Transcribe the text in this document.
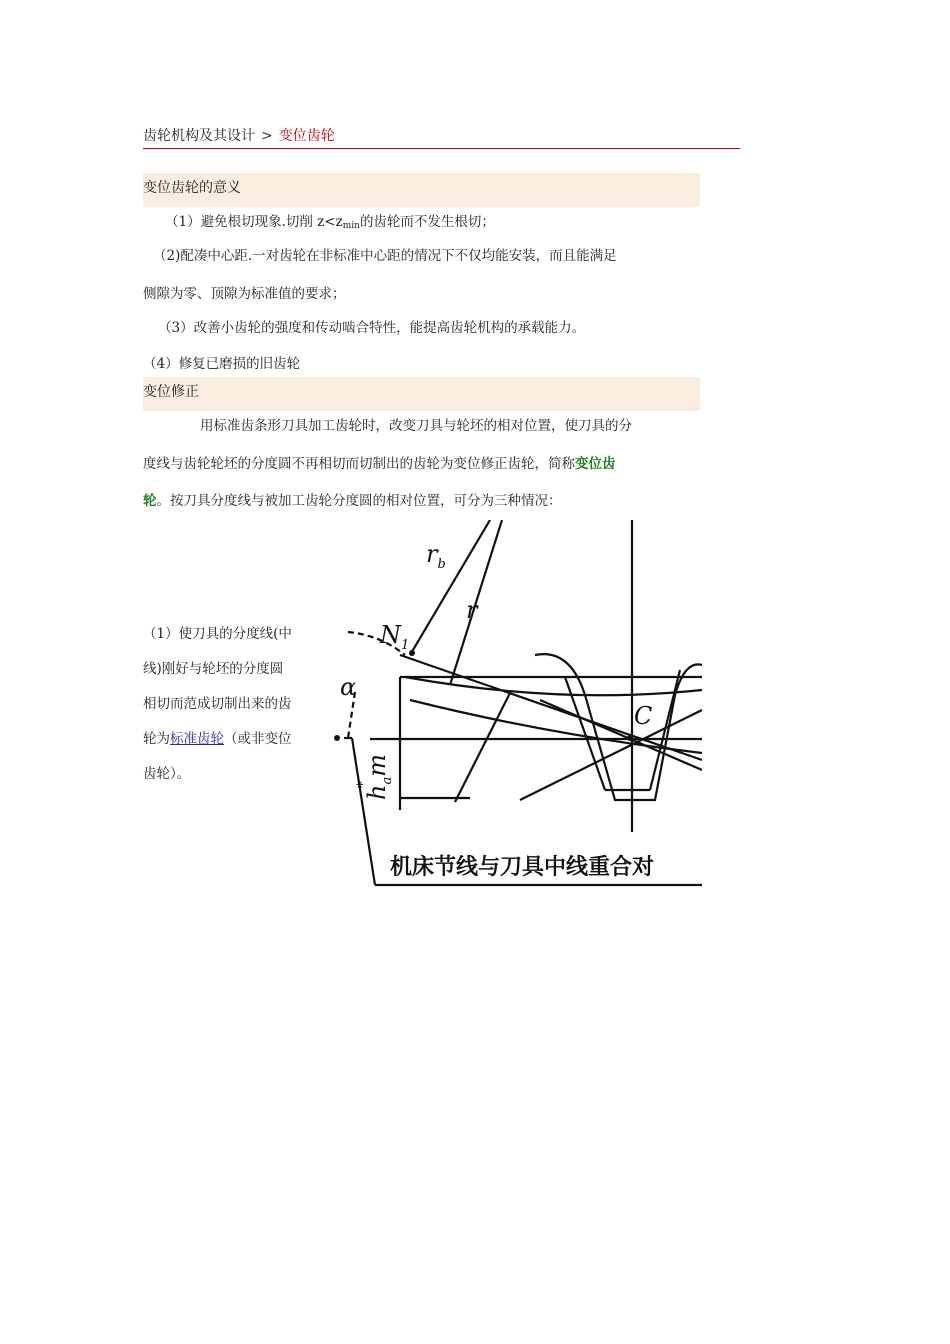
齿轮机构及其设计 > 变位齿轮
变位齿轮的意义
（1）避免根切现象.切削 $z<z_{min}$的齿轮而不发生根切；
（2)配凑中心距.一对齿轮在非标准中心距的情况下不仅均能安装，而且能满足
侧隙为零、顶隙为标准值的要求；
（3）改善小齿轮的强度和传动啮合特性，能提高齿轮机构的承载能力。
（4）修复已磨损的旧齿轮
变位修正
用标准齿条形刀具加工齿轮时，改变刀具与轮坯的相对位置，使刀具的分
度线与齿轮轮坯的分度圆不再相切而切制出的齿轮为变位修正齿轮，简称变位齿
轮。按刀具分度线与被加工齿轮分度圆的相对位置，可分为三种情况：
（1）使刀具的分度线(中
线)刚好与轮坯的分度圆
相切而范成切制出来的齿
轮为标准齿轮（或非变位
齿轮）。
$r_b$
r
$N_1$
α
C
$h_am$
*
机床节线与刀具中线重合对
